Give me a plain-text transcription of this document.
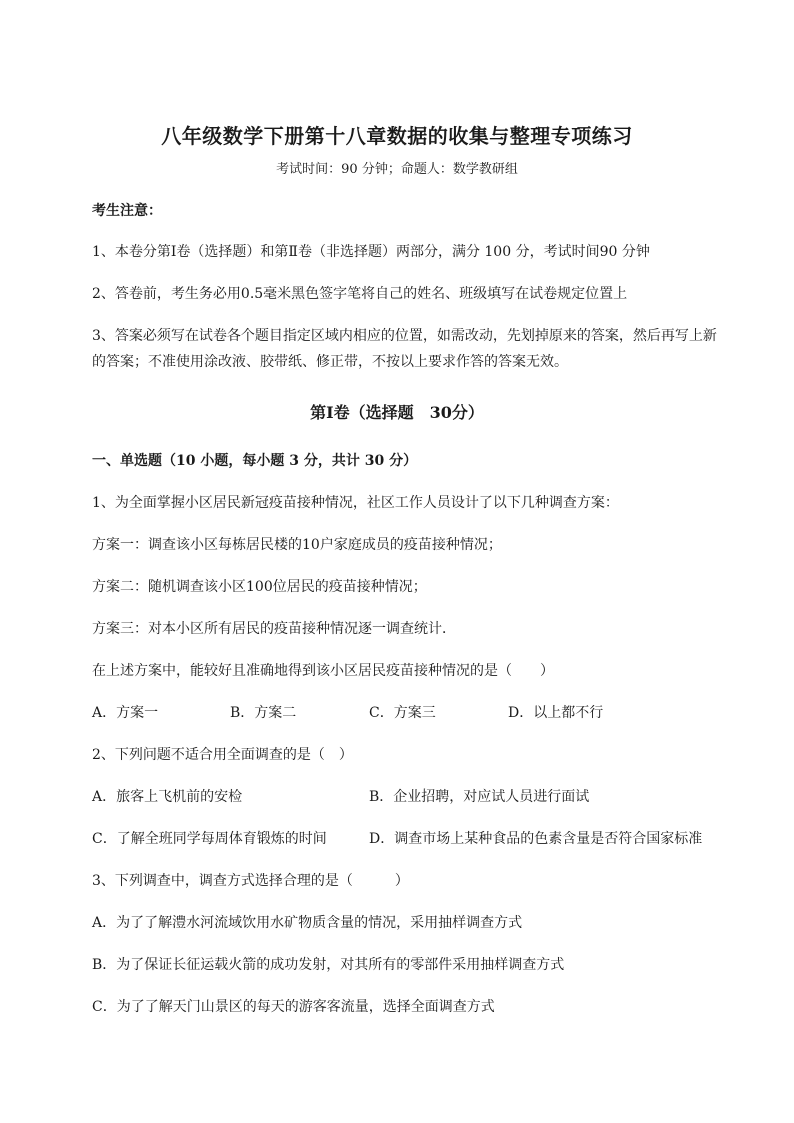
八年级数学下册第十八章数据的收集与整理专项练习
考试时间：90 分钟；命题人：数学教研组
考生注意：
1、本卷分第Ⅰ卷（选择题）和第Ⅱ卷（非选择题）两部分，满分 100 分，考试时间90 分钟
2、答卷前，考生务必用0.5毫米黑色签字笔将自己的姓名、班级填写在试卷规定位置上
3、答案必须写在试卷各个题目指定区域内相应的位置，如需改动，先划掉原来的答案，然后再写上新
的答案；不准使用涂改液、胶带纸、修正带，不按以上要求作答的答案无效。
第Ⅰ卷（选择题　30分）
一、单选题（10 小题，每小题 3 分，共计 30 分）
1、为全面掌握小区居民新冠疫苗接种情况，社区工作人员设计了以下几种调查方案：
方案一：调查该小区每栋居民楼的10户家庭成员的疫苗接种情况；
方案二：随机调查该小区100位居民的疫苗接种情况；
方案三：对本小区所有居民的疫苗接种情况逐一调查统计．
在上述方案中，能较好且准确地得到该小区居民疫苗接种情况的是（　　）
A．方案一	B．方案二	C．方案三	D．以上都不行
2、下列问题不适合用全面调查的是（　）
A．旅客上飞机前的安检	B．企业招聘，对应试人员进行面试
C．了解全班同学每周体育锻炼的时间	D．调查市场上某种食品的色素含量是否符合国家标准
3、下列调查中，调查方式选择合理的是（　　　）
A．为了了解澧水河流域饮用水矿物质含量的情况，采用抽样调查方式
B．为了保证长征运载火箭的成功发射，对其所有的零部件采用抽样调查方式
C．为了了解天门山景区的每天的游客客流量，选择全面调查方式
